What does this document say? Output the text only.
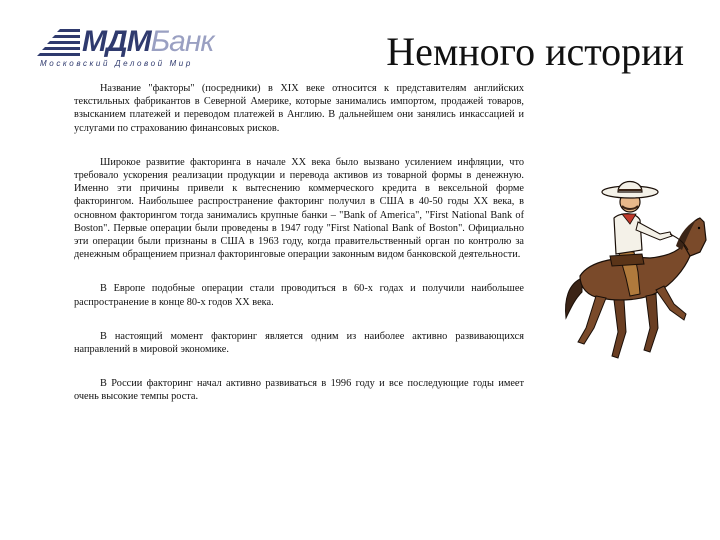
МДМБанк
Московский Деловой Мир	Немного истории

Название "факторы" (посредники) в XIX веке относится к представителям английских текстильных фабрикантов в Северной Америке, которые занимались импортом, продажей товаров, взысканием платежей и переводом платежей в Англию. В дальнейшем они занялись инкассацией и услугами по страхованию финансовых рисков.

Широкое развитие факторинга в начале XX века было вызвано усилением инфляции, что требовало ускорения реализации продукции и перевода активов из товарной формы в денежную. Именно эти причины привели к вытеснению коммерческого кредита в вексельной форме факторингом. Наибольшее распространение факторинг получил в США в 40-50 годы XX века, в основном факторингом тогда занимались крупные банки – "Bank of America", "First National Bank of Boston". Первые операции были проведены в 1947 году "First National Bank of Boston". Официально эти операции были признаны в США в 1963 году, когда правительственный орган по контролю за денежным обращением признал факторинговые операции законным видом банковской деятельности.

В Европе подобные операции стали проводиться в 60-х годах и получили наибольшее распространение в конце 80-х годов XX века.

В настоящий момент факторинг является одним из наиболее активно развивающихся направлений в мировой экономике.

В России факторинг начал активно развиваться в 1996 году и все последующие годы имеет очень высокие темпы роста.
